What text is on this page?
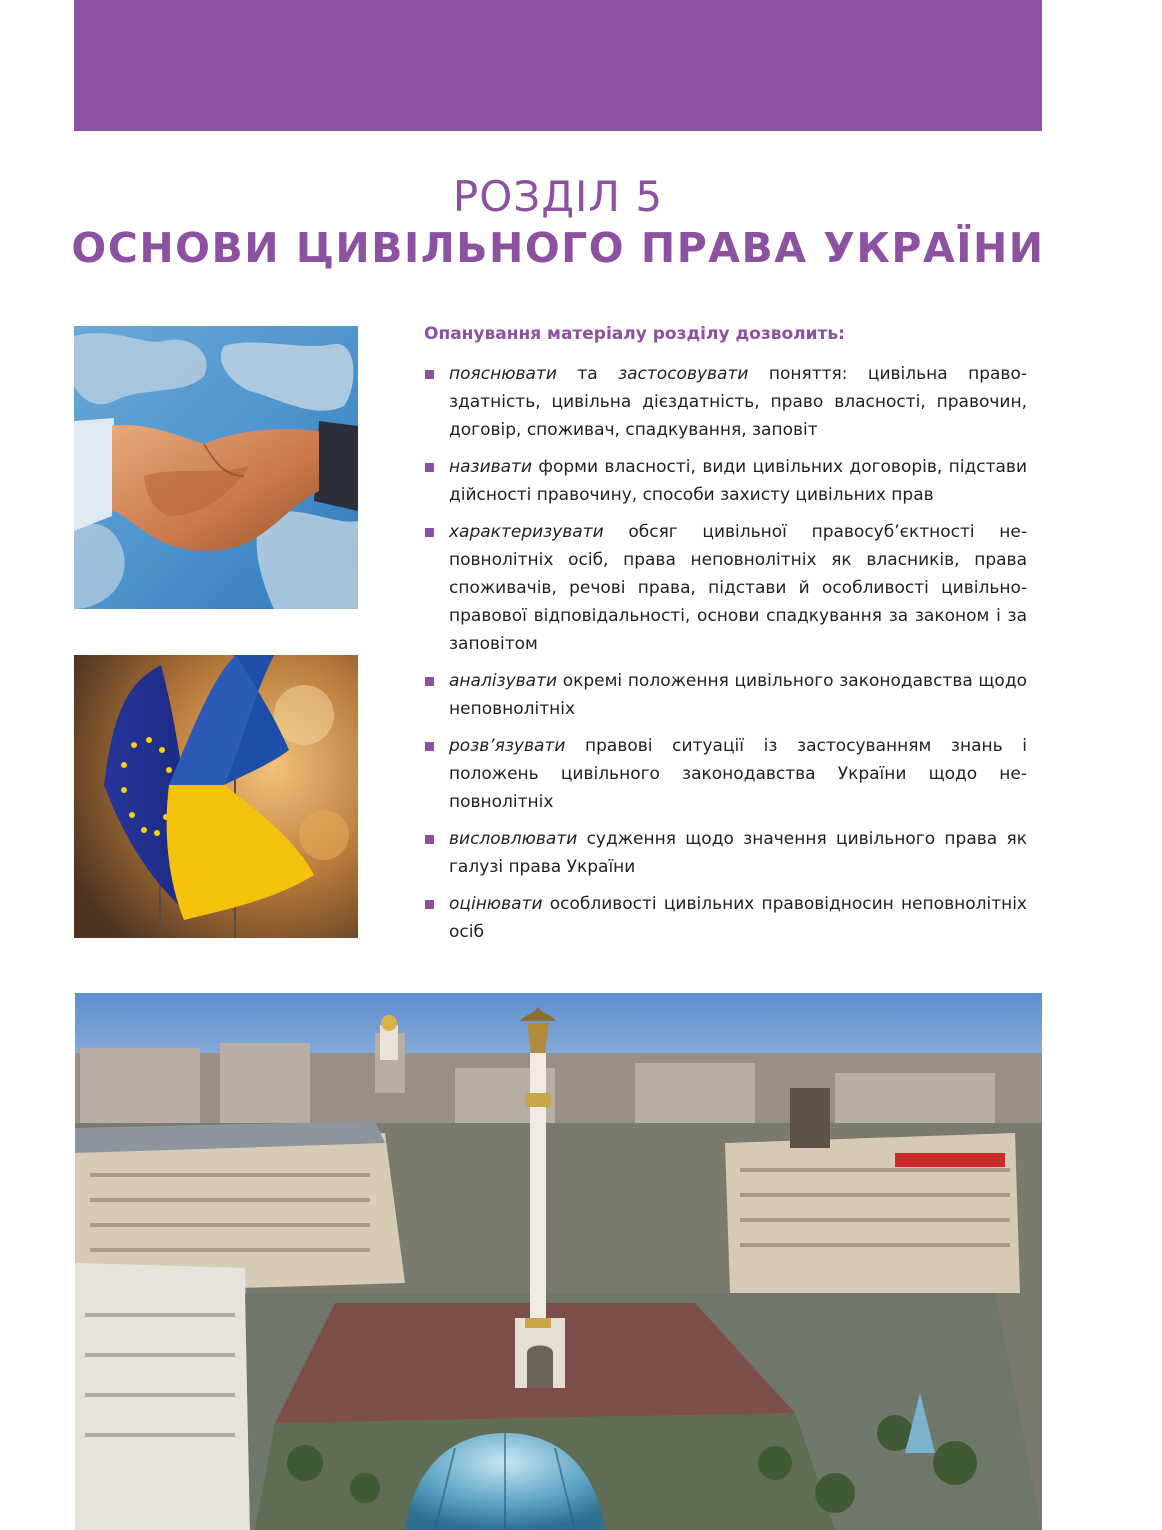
РОЗДІЛ 5
ОСНОВИ ЦИВІЛЬНОГО ПРАВА УКРАЇНИ
Опанування матеріалу розділу дозволить:
пояснювати та застосовувати поняття: цивільна правоздатність, цивільна дієздатність, право власності, правочин, договір, споживач, спадкування, заповіт
називати форми власності, види цивільних договорів, підстави дійсності правочину, способи захисту цивільних прав
характеризувати обсяг цивільної правосуб’єктності неповнолітніх осіб, права неповнолітніх як власників, права споживачів, речові права, підстави й особливості цивільноправової відповідальності, основи спадкування за законом і за заповітом
аналізувати окремі положення цивільного законодавства щодо неповнолітніх
розв’язувати правові ситуації із застосуванням знань і положень цивільного законодавства України щодо неповнолітніх
висловлювати судження щодо значення цивільного права як галузі права України
оцінювати особливості цивільних правовідносин неповнолітніх осіб
